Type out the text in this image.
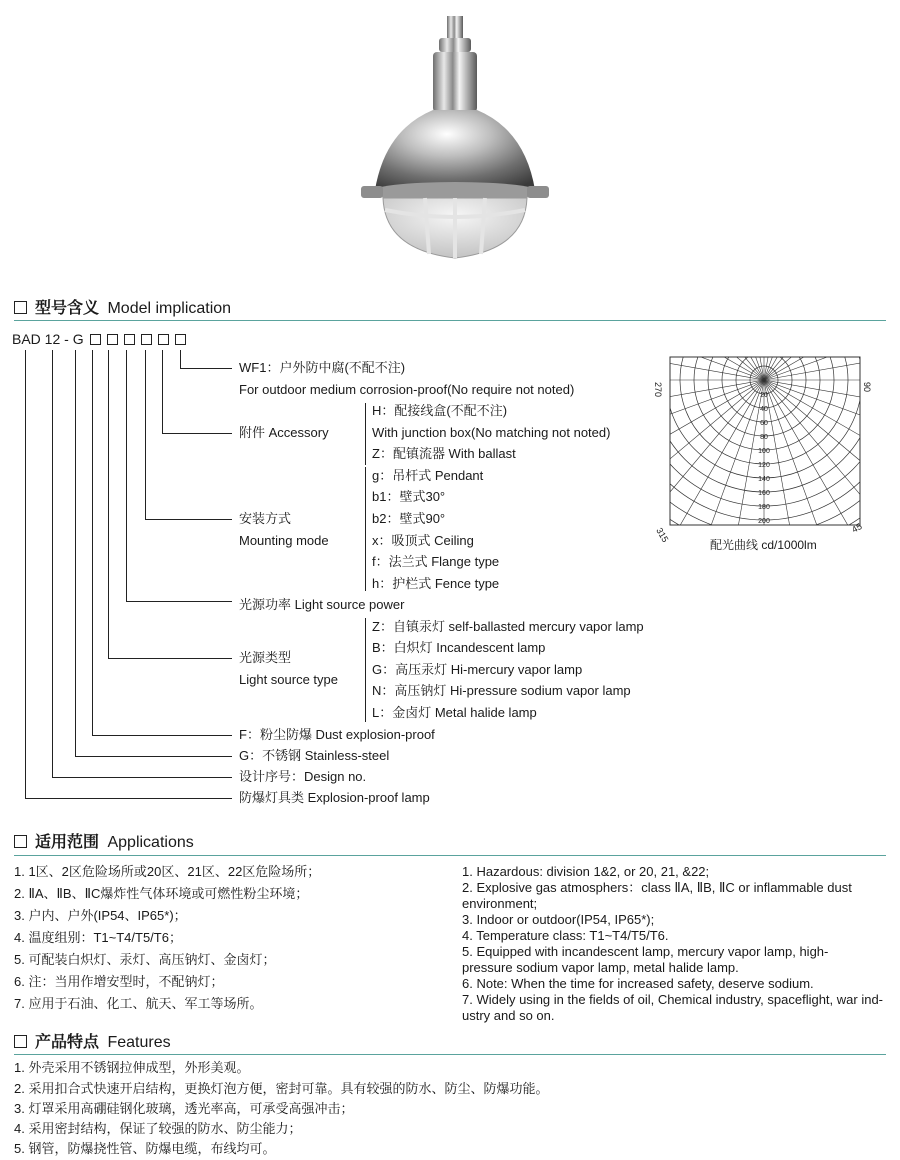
型号含义 Model implication
BAD 12 - G
WF1：户外防中腐(不配不注)
For outdoor medium corrosion-proof(No require not noted)
H：配接线盒(不配不注)
附件 Accessory	With junction box(No matching not noted)
Z：配镇流器 With ballast
g：吊杆式 Pendant
b1：壁式30°
安装方式	b2：壁式90°
Mounting mode	x：吸顶式 Ceiling
f：法兰式 Flange type
h：护栏式 Fence type
光源功率 Light source power
Z：自镇汞灯 self-ballasted mercury vapor lamp
B：白炽灯 Incandescent lamp
光源类型
G：高压汞灯 Hi-mercury vapor lamp
Light source type
N：高压钠灯 Hi-pressure sodium vapor lamp
L：金卤灯 Metal halide lamp
F：粉尘防爆 Dust explosion-proof
G：不锈钢 Stainless-steel
设计序号：Design no.
防爆灯具类 Explosion-proof lamp
20
40
60
80
100
120
140
160
180
200
270	90
315	45
配光曲线 cd/1000lm
适用范围 Applications
1. 1区、2区危险场所或20区、21区、22区危险场所；
2. ⅡA、ⅡB、ⅡC爆炸性气体环境或可燃性粉尘环境；
3. 户内、户外(IP54、IP65*)；
4. 温度组别：T1~T4/T5/T6；
5. 可配装白炽灯、汞灯、高压钠灯、金卤灯；
6. 注：当用作增安型时，不配钠灯；
7. 应用于石油、化工、航天、军工等场所。
1. Hazardous: division 1&2, or 20, 21, &22;
2. Explosive gas atmosphers：class ⅡA, ⅡB, ⅡC or inflammable dust environment;
3. Indoor or outdoor(IP54, IP65*);
4. Temperature class: T1~T4/T5/T6.
5. Equipped with incandescent lamp, mercury vapor lamp, high-pressure sodium vapor lamp, metal halide lamp.
6. Note: When the time for increased safety, deserve sodium.
7. Widely using in the fields of oil, Chemical industry, spaceflight, war ind-ustry and so on.
产品特点 Features
1. 外壳采用不锈钢拉伸成型，外形美观。
2. 采用扣合式快速开启结构，更换灯泡方便，密封可靠。具有较强的防水、防尘、防爆功能。
3. 灯罩采用高硼硅钢化玻璃，透光率高，可承受高强冲击；
4. 采用密封结构，保证了较强的防水、防尘能力；
5. 钢管，防爆挠性管、防爆电缆，布线均可。
